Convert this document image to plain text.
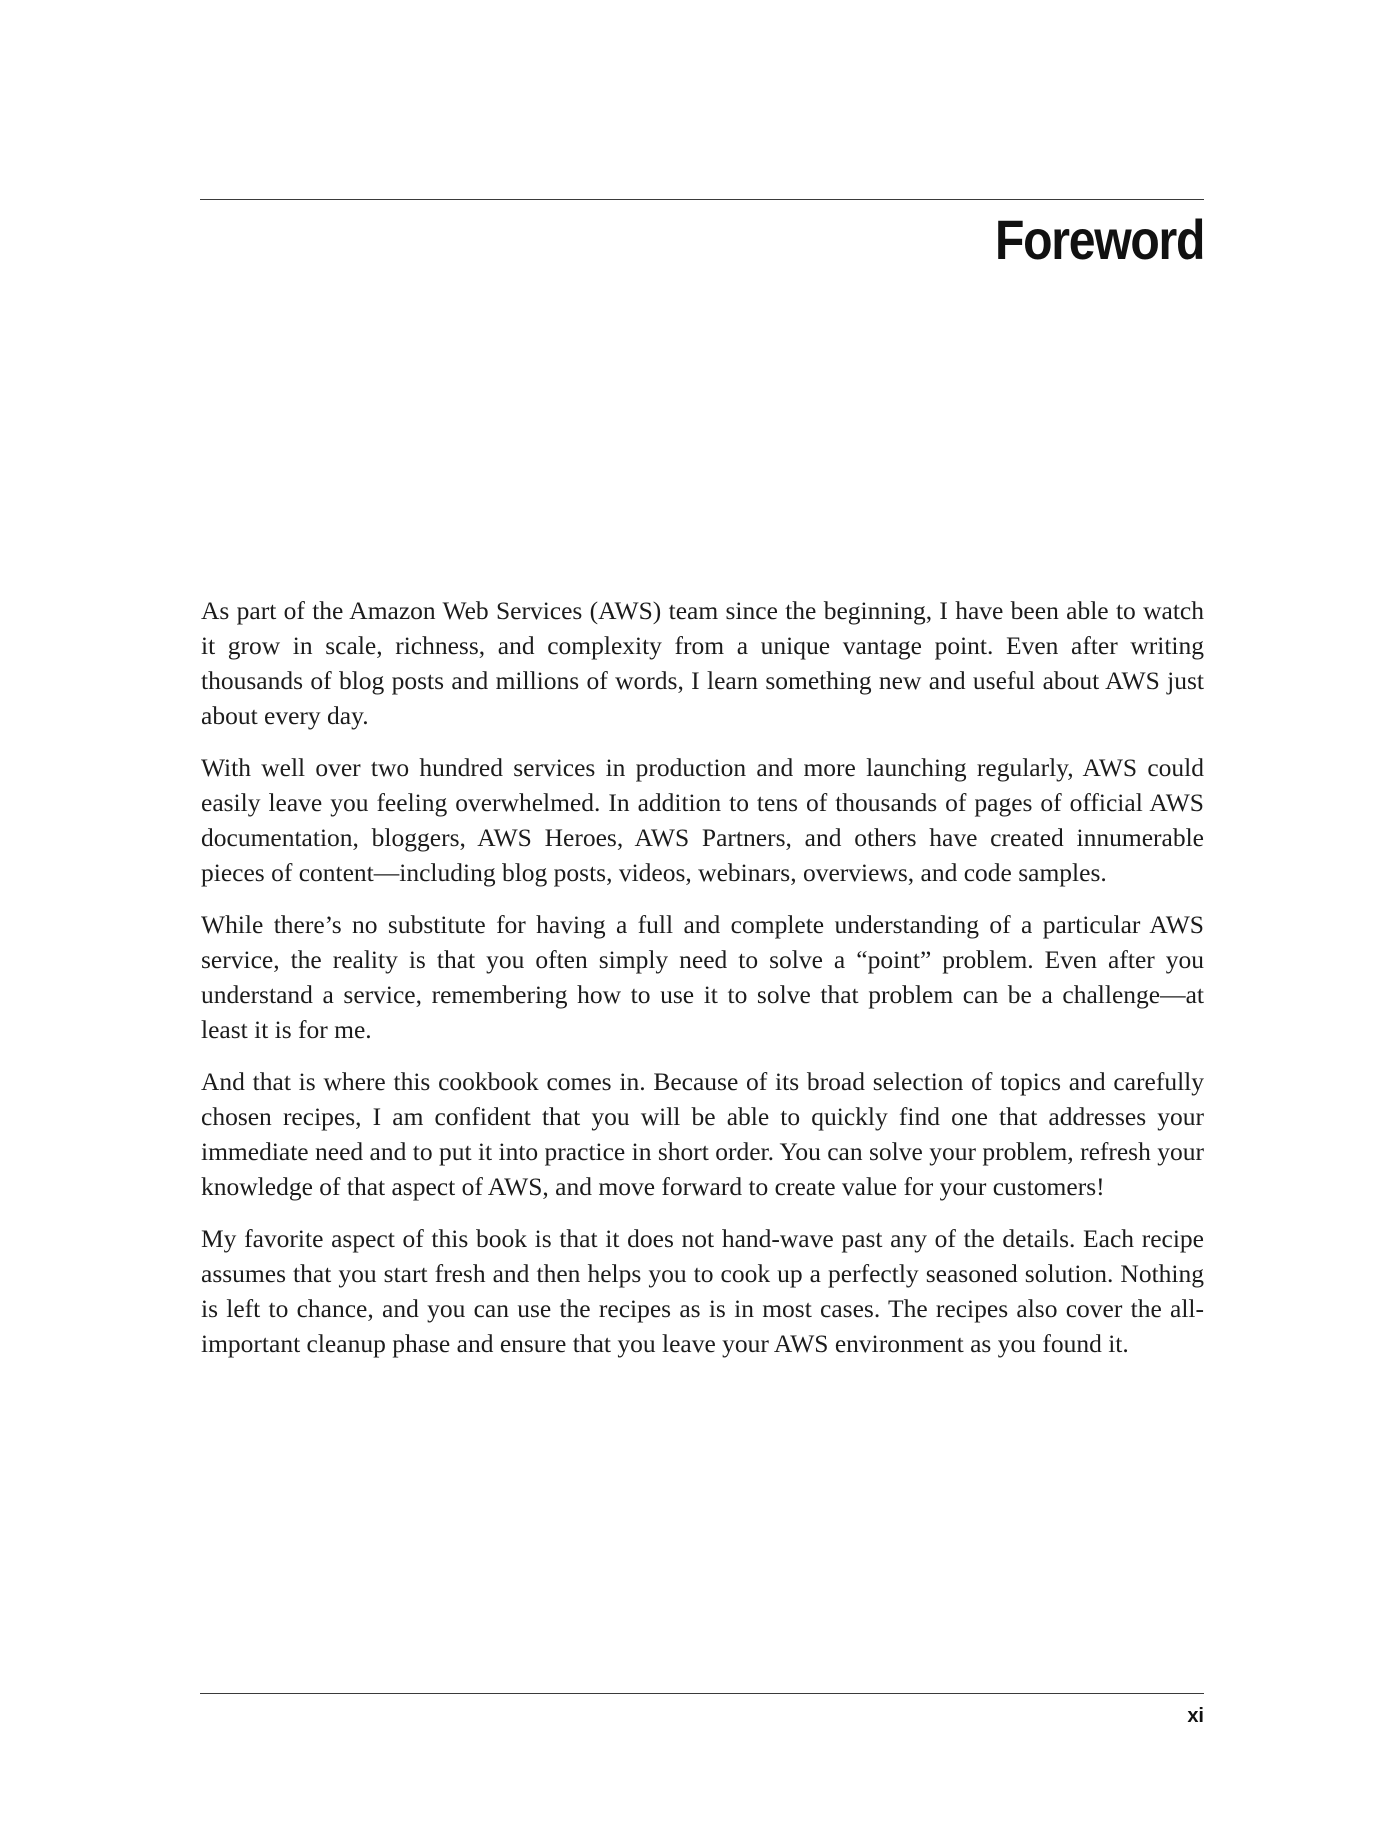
Foreword

As part of the Amazon Web Services (AWS) team since the beginning, I have been able to watch it grow in scale, richness, and complexity from a unique vantage point. Even after writing thousands of blog posts and millions of words, I learn something new and useful about AWS just about every day.

With well over two hundred services in production and more launching regularly, AWS could easily leave you feeling overwhelmed. In addition to tens of thousands of pages of official AWS documentation, bloggers, AWS Heroes, AWS Partners, and others have created innumerable pieces of content—including blog posts, videos, webinars, overviews, and code samples.

While there’s no substitute for having a full and complete understanding of a particular AWS service, the reality is that you often simply need to solve a “point” problem. Even after you understand a service, remembering how to use it to solve that problem can be a challenge—at least it is for me.

And that is where this cookbook comes in. Because of its broad selection of topics and carefully chosen recipes, I am confident that you will be able to quickly find one that addresses your immediate need and to put it into practice in short order. You can solve your problem, refresh your knowledge of that aspect of AWS, and move forward to create value for your customers!

My favorite aspect of this book is that it does not hand-wave past any of the details. Each recipe assumes that you start fresh and then helps you to cook up a perfectly seasoned solution. Nothing is left to chance, and you can use the recipes as is in most cases. The recipes also cover the all-important cleanup phase and ensure that you leave your AWS environment as you found it.

xi
